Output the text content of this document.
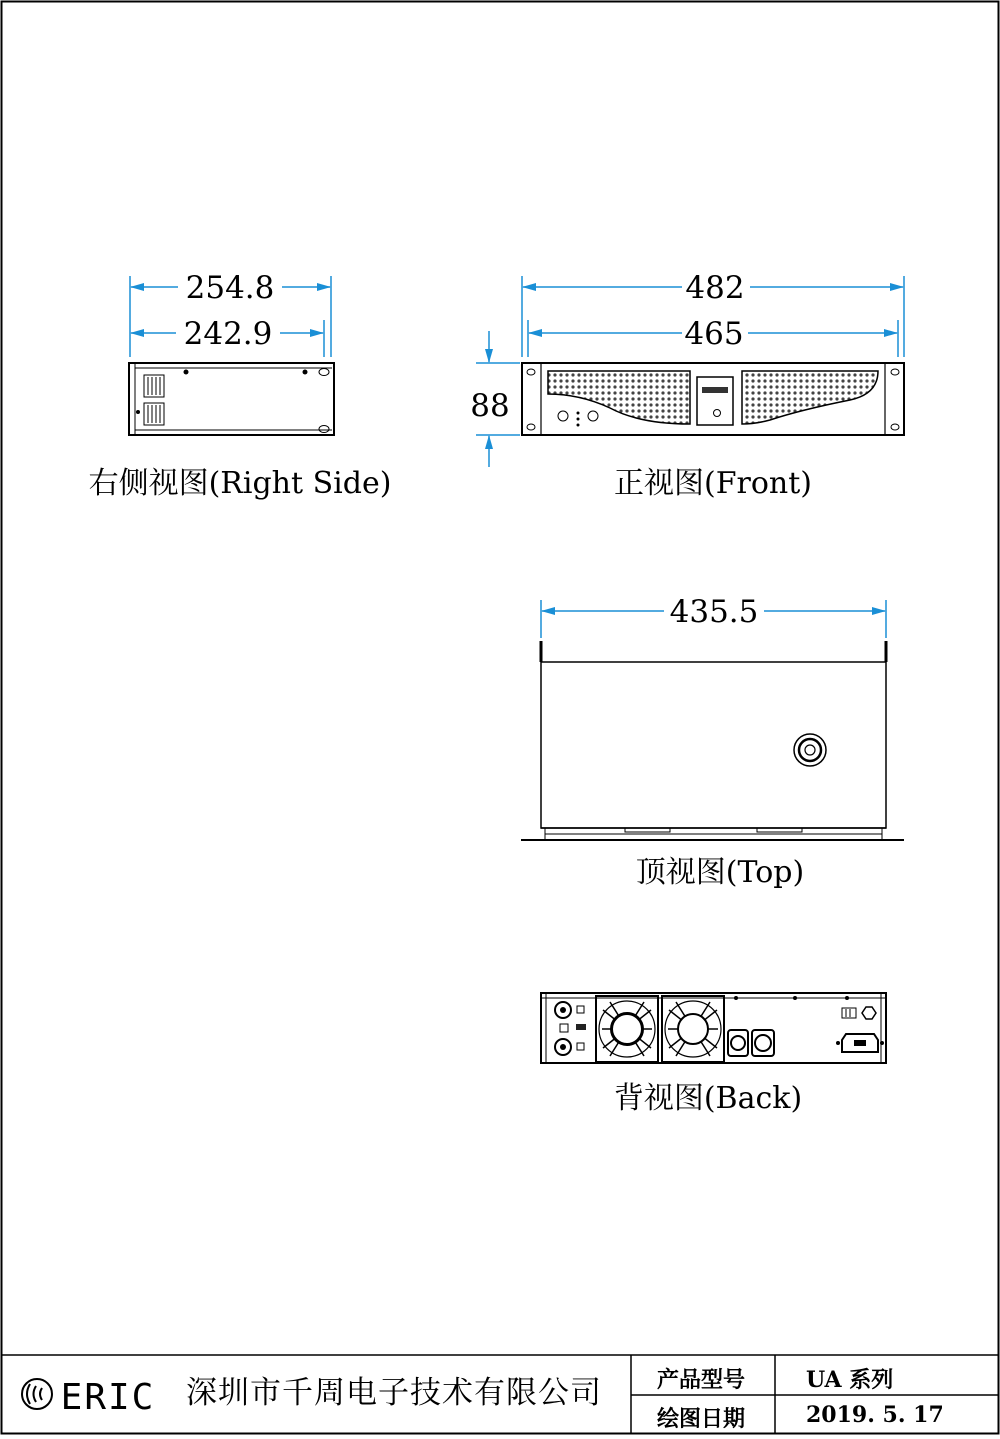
254.8
242.9
右侧视图(Right Side)
482
465
88
正视图(Front)
435.5
顶视图(Top)
背视图(Back)
ERIC 深圳市千周电子技术有限公司	产品型号	UA 系列
绘图日期	2019. 5. 17
